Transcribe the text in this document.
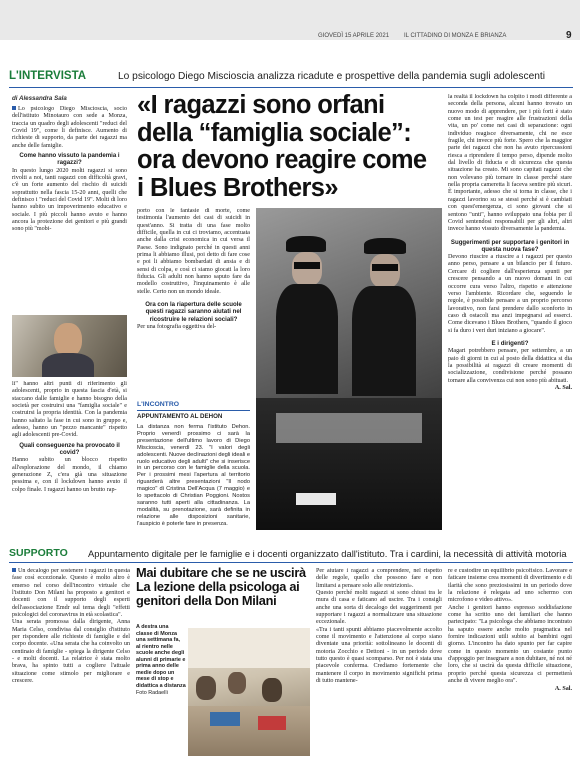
GIOVEDÌ 15 APRILE 2021 IL CITTADINO DI MONZA E BRIANZA	9
L'INTERVISTA	Lo psicologo Diego Miscioscia analizza ricadute e prospettive della pandemia sugli adolescenti
di Alessandra Sala

Lo psicologo Diego Miscioscia, socio dell'istituto Minotauro con sede a Monza, traccia un quadro degli adolescenti "reduci del Covid 19", come li definisce. Aumento di richieste di supporto, da parte dei ragazzi ma anche delle famiglie.

Come hanno vissuto la pandemia i ragazzi?

In questo lungo 2020 molti ragazzi si sono rivolti a noi, tanti ragazzi con difficoltà gravi, c'è un forte aumento del rischio di suicidi soprattutto nella fascia 15-20 anni, quelli che definisco i "reduci del Covid 19". Molti di loro hanno subito un impoverimento educativo e sociale. I più piccoli hanno avuto e hanno ancora la protezione dei genitori e più grandi sono più "mobi-

li" hanno altri punti di riferimento gli adolescenti, proprio in questa fascia d'età, si staccano dalle famiglie e hanno bisogno della società per costruirsi una "famiglia sociale" e costruirsi la propria identità. Con la pandemia hanno saltato la fase in cui sono in gruppo e, adesso, hanno un "pezzo mancante" rispetto agli adolescenti pre-Covid.

Quali conseguenze ha provocato il covid?

Hanno subito un blocco rispetto all'esplorazione del mondo, il chiamo generazione Z, c'era già una situazione pessima e, con il lockdown hanno avuto il colpo finale. I ragazzi hanno un brutto rap-

«I ragazzi sono orfani della “famiglia sociale”: ora devono reagire come i Blues Brothers»

porto con le fantasie di morte, come testimonia l'aumento dei casi di suicidi in quest'anno. Si tratta di una fase molto difficile, quella in cui ci troviamo, accentuata anche dalla crisi economica in cui versa il Paese. Sono indignato perché in questi anni prima li abbiamo illusi, poi detto di fare cose e poi li abbiamo bombardati di ansia e di sensi di colpa, e così ci siamo giocati la loro fiducia. Gli adulti non hanno saputo fare da modello costruttivo, l'inquinamento è alle stelle. Certo non un mondo ideale.

Ora con la riapertura delle scuole questi ragazzi saranno aiutati nel ricostruire le relazioni sociali?

Per una fotografia oggettiva del-

L'INCONTRO
APPUNTAMENTO AL DEHON
La distanza non ferma l'istituto Dehon. Proprio venerdì prossimo ci sarà la presentazione dell'ultimo lavoro di Diego Miscioscia, venerdì 23. "I valori degli adolescenti. Nuove declinazioni degli ideali e ruolo educativo degli adulti" che si inserisce in un percorso con le famiglie della scuola. Per i prossimi mesi l'apertura al territorio riguarderà altre presentazioni "Il nodo magico" di Cristina Dell'Acqua (7 maggio) e lo spettacolo di Christian Poggioni. Nostos saranno tutti aperti alla cittadinanza. La modalità, su prenotazione, sarà definita in relazione alle disposizioni sanitarie, l'auspicio è poterle fare in presenza.

la realtà il lockdown ha colpito i modi differente a seconda della persona, alcuni hanno trovato un nuovo modo di apprendere, per i più forti è stato come un test per reagire alle frustrazioni della vita, un po' come nei casi di separazione: ogni individuo reagisce diversamente, chi ne esce fragile, chi invece più forte. Spero che la maggior parte dei ragazzi che non ha avuto ripercussioni riesca a riprendere il tempo perso, dipende molto dal livello di fiducia e di sicurezza che questa situazione ha creato. Mi sono capitati ragazzi che non volevano più tornare in classe perché stare nella propria cameretta li faceva sentire più sicuri. È importante, adesso che si torna in classe, che i ragazzi lavorino su se stessi perché si è cambiati con quest'emergenza, ci sono giovani che si sentono "unti", hanno sviluppato una fobia per il Covid sentendosi responsabili per gli altri, altri invece hanno vissuto diversamente la pandemia.

Suggerimenti per supportare i genitori in questa nuova fase?

Devono riuscire a riuscire a i ragazzi per questo anno perso, pensare a un bilancio per il futuro. Cercare di cogliere dall'esperienza spunti per crescere pensando a un nuovo domani in cui occorre cura verso l'altro, rispetto e attenzione verso l'ambiente. Ricordare che, seguendo le regole, è possibile pensare a un proprio percorso lavorativo, non farsi prendere dallo sconforto in caso di ostacoli ma anzi impegnarsi ad esserci. Come dicevano i Blues Brothers, "quando il gioco si fa duro i veri duri iniziano a giocare".

E i dirigenti?

Magari potrebbero pensare, per settembre, a un paio di giorni in cui al posto della didattica si dia la possibilità ai ragazzi di creare momenti di socializzazione, condivisione perché possano tornare alla convivenza cui non sono più abituati.

A. Sal.

SUPPORTO Appuntamento digitale per le famiglie e i docenti organizzato dall'istituto. Tra i cardini, la necessità di attività motoria

Un decalogo per sostenere i ragazzi in questa fase così eccezionale. Questo è molto altro è emerso nel corso dell'incontro virtuale che l'istituto Don Milani ha proposto a genitori e docenti con il supporto degli esperti dell'associazione Emdr sul tema degli "effetti psicologici del coronavirus in età scolastica".

Una serata promossa dalla dirigente, Anna Maria Celso, condivisa dal consiglio d'istituto per rispondere alle richieste di famiglie e del corpo docente. «Una serata che ha coinvolto un centinaio di famiglie - spiega la dirigente Celso - e molti docenti. La relatrice è stata molto brava, ha spinto tutti a cogliere l'attuale situazione come stimolo per migliorare e crescere.

Mai dubitare che se ne uscirà La lezione della psicologa ai genitori della Don Milani
A destra una classe di Monza una settimana fa, al rientro nelle scuole anche degli alunni di primarie e prima anno delle medie dopo un mese di stop e didattica a distanza
Foto Radaelli

Per aiutare i ragazzi a comprendere, nel rispetto delle regole, quello che possono fare e non limitarsi a pensare solo alle restrizioni».

Questo perché molti ragazzi si sono chiusi tra le mura di casa e faticano ad uscire. Tra i consigli anche una sorta di decalogo dei suggerimenti per supportare i ragazzi a normalizzare una situazione eccezionale.

«Tra i tanti spunti abbiamo piacevolmente accolto come il movimento e l'attenzione al corpo siano diventate una priorità: sottolineano le docenti di motoria Zocchio e Dettoni - in un periodo dove tutto questo è quasi scomparso. Per noi è stata una piacevole conferma. Crediamo fortemente che mantenere il corpo in movimento significhi prima di tutto mantene-

re e custodire un equilibrio psicofisico. Lavorare e faticare insieme crea momenti di divertimento e di ilarità che sono preziosissimi in un periodo dove la relazione è relegata ad uno schermo con microfono e video attivo».

Anche i genitori hanno espresso soddisfazione come ha scritto uno dei familiari che hanno partecipato: "La psicologa che abbiamo incontrato ha saputo essere anche molto pragmatica nel fornire indicazioni utili subito ai bambini ogni giorno. L'incontro ha dato spunto per far capire come in questo momento un costante punto d'appoggio per insegnare a non dubitare, né noi né loro, che si uscirà da questa difficile situazione, proprio perché questa sicurezza ci permetterà anche di vivere meglio ora".

A. Sal.
